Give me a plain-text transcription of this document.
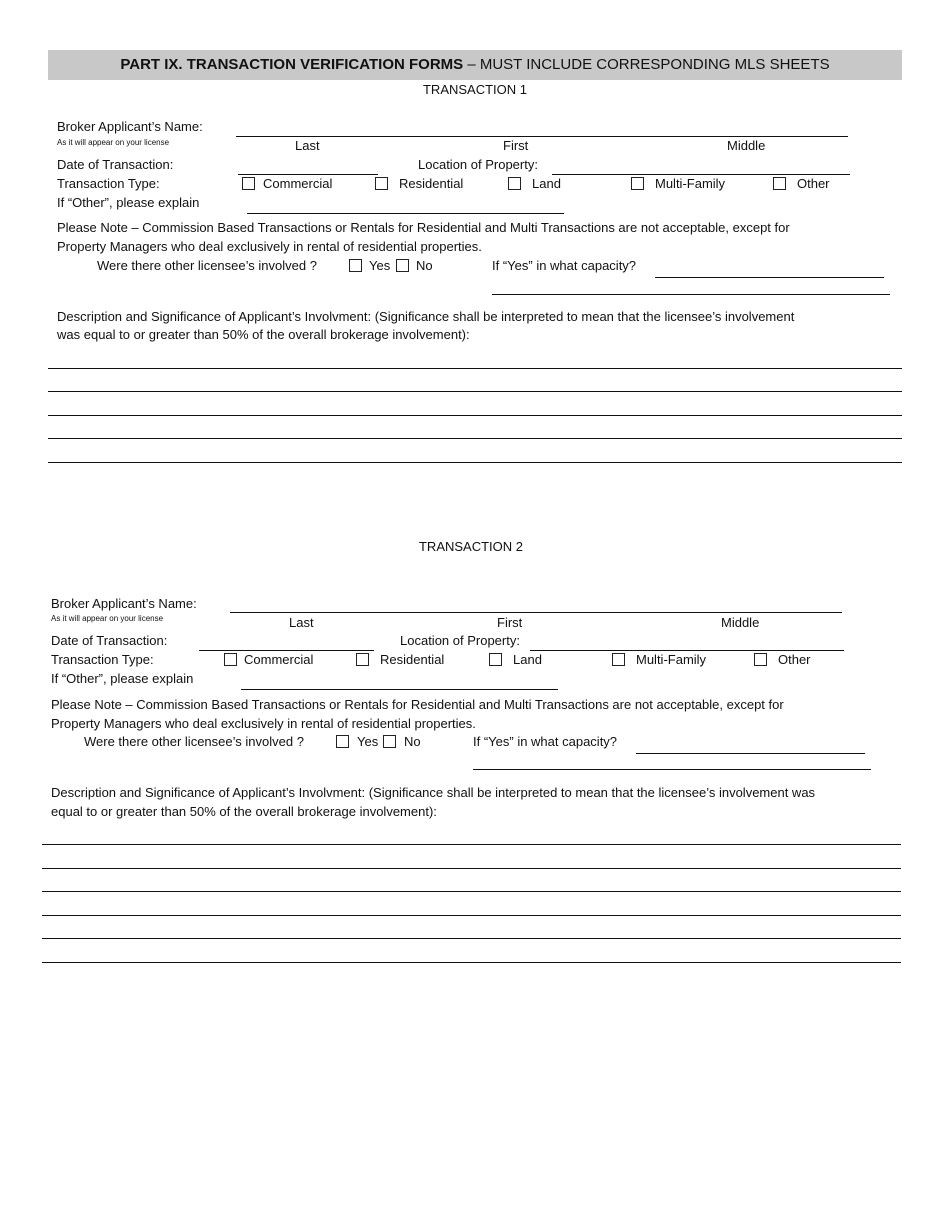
PART IX. TRANSACTION VERIFICATION FORMS – MUST INCLUDE CORRESPONDING MLS SHEETS
TRANSACTION 1
Broker Applicant’s Name:
As it will appear on your license	Last	First	Middle
Date of Transaction:	Location of Property:
Transaction Type:	Commercial	Residential	Land	Multi-Family	Other
If “Other”, please explain
Please Note – Commission Based Transactions or Rentals for Residential and Multi Transactions are not acceptable, except for
Property Managers who deal exclusively in rental of residential properties.
Were there other licensee’s involved ?	Yes No	If “Yes” in what capacity?
Description and Significance of Applicant’s Involvment: (Significance shall be interpreted to mean that the licensee’s involvement
was equal to or greater than 50% of the overall brokerage involvement):
TRANSACTION 2
Broker Applicant’s Name:
As it will appear on your license	Last	First	Middle
Date of Transaction:	Location of Property:
Transaction Type:	Commercial	Residential	Land	Multi-Family	Other
If “Other”, please explain
Please Note – Commission Based Transactions or Rentals for Residential and Multi Transactions are not acceptable, except for
Property Managers who deal exclusively in rental of residential properties.
Were there other licensee’s involved ?	Yes No	If “Yes” in what capacity?
Description and Significance of Applicant’s Involvment: (Significance shall be interpreted to mean that the licensee’s involvement was
equal to or greater than 50% of the overall brokerage involvement):
